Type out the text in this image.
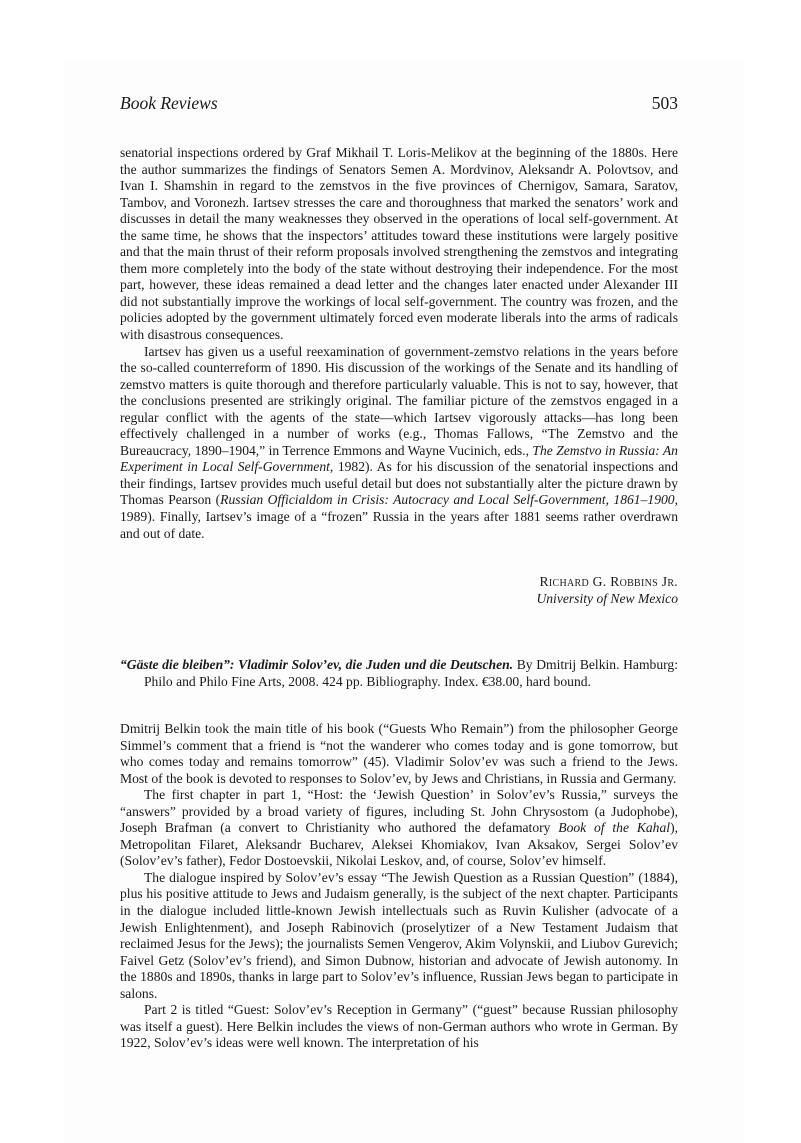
Book Reviews	503

senatorial inspections ordered by Graf Mikhail T. Loris-Melikov at the beginning of the 1880s. Here the author summarizes the findings of Senators Semen A. Mordvinov, Aleksandr A. Polovtsov, and Ivan I. Shamshin in regard to the zemstvos in the five provinces of Chernigov, Samara, Saratov, Tambov, and Voronezh. Iartsev stresses the care and thoroughness that marked the senators’ work and discusses in detail the many weaknesses they observed in the operations of local self-government. At the same time, he shows that the inspectors’ attitudes toward these institutions were largely positive and that the main thrust of their reform proposals involved strengthening the zemstvos and integrating them more completely into the body of the state without destroying their independence. For the most part, however, these ideas remained a dead letter and the changes later enacted under Alexander III did not substantially improve the workings of local self-government. The country was frozen, and the policies adopted by the government ultimately forced even moderate liberals into the arms of radicals with disastrous consequences.

Iartsev has given us a useful reexamination of government-zemstvo relations in the years before the so-called counterreform of 1890. His discussion of the workings of the Senate and its handling of zemstvo matters is quite thorough and therefore particularly valuable. This is not to say, however, that the conclusions presented are strikingly original. The familiar picture of the zemstvos engaged in a regular conflict with the agents of the state—which Iartsev vigorously attacks—has long been effectively challenged in a number of works (e.g., Thomas Fallows, “The Zemstvo and the Bureaucracy, 1890–1904,” in Terrence Emmons and Wayne Vucinich, eds., The Zemstvo in Russia: An Experiment in Local Self-Government, 1982). As for his discussion of the senatorial inspections and their findings, Iartsev provides much useful detail but does not substantially alter the picture drawn by Thomas Pearson (Russian Officialdom in Crisis: Autocracy and Local Self-Government, 1861–1900, 1989). Finally, Iartsev’s image of a “frozen” Russia in the years after 1881 seems rather overdrawn and out of date.

Richard G. Robbins Jr.
University of New Mexico
“Gäste die bleiben”: Vladimir Solov’ev, die Juden und die Deutschen. By Dmitrij Belkin. Hamburg: Philo and Philo Fine Arts, 2008. 424 pp. Bibliography. Index. €38.00, hard bound.

Dmitrij Belkin took the main title of his book (“Guests Who Remain”) from the philosopher George Simmel’s comment that a friend is “not the wanderer who comes today and is gone tomorrow, but who comes today and remains tomorrow” (45). Vladimir Solov’ev was such a friend to the Jews. Most of the book is devoted to responses to Solov’ev, by Jews and Christians, in Russia and Germany.

The first chapter in part 1, “Host: the ‘Jewish Question’ in Solov’ev’s Russia,” surveys the “answers” provided by a broad variety of figures, including St. John Chrysostom (a Judophobe), Joseph Brafman (a convert to Christianity who authored the defamatory Book of the Kahal), Metropolitan Filaret, Aleksandr Bucharev, Aleksei Khomiakov, Ivan Aksakov, Sergei Solov’ev (Solov’ev’s father), Fedor Dostoevskii, Nikolai Leskov, and, of course, Solov’ev himself.

The dialogue inspired by Solov’ev’s essay “The Jewish Question as a Russian Question” (1884), plus his positive attitude to Jews and Judaism generally, is the subject of the next chapter. Participants in the dialogue included little-known Jewish intellectuals such as Ruvin Kulisher (advocate of a Jewish Enlightenment), and Joseph Rabinovich (proselytizer of a New Testament Judaism that reclaimed Jesus for the Jews); the journalists Semen Vengerov, Akim Volynskii, and Liubov Gurevich; Faivel Getz (Solov’ev’s friend), and Simon Dubnow, historian and advocate of Jewish autonomy. In the 1880s and 1890s, thanks in large part to Solov’ev’s influence, Russian Jews began to participate in salons.

Part 2 is titled “Guest: Solov’ev’s Reception in Germany” (“guest” because Russian philosophy was itself a guest). Here Belkin includes the views of non-German authors who wrote in German. By 1922, Solov’ev’s ideas were well known. The interpretation of his
